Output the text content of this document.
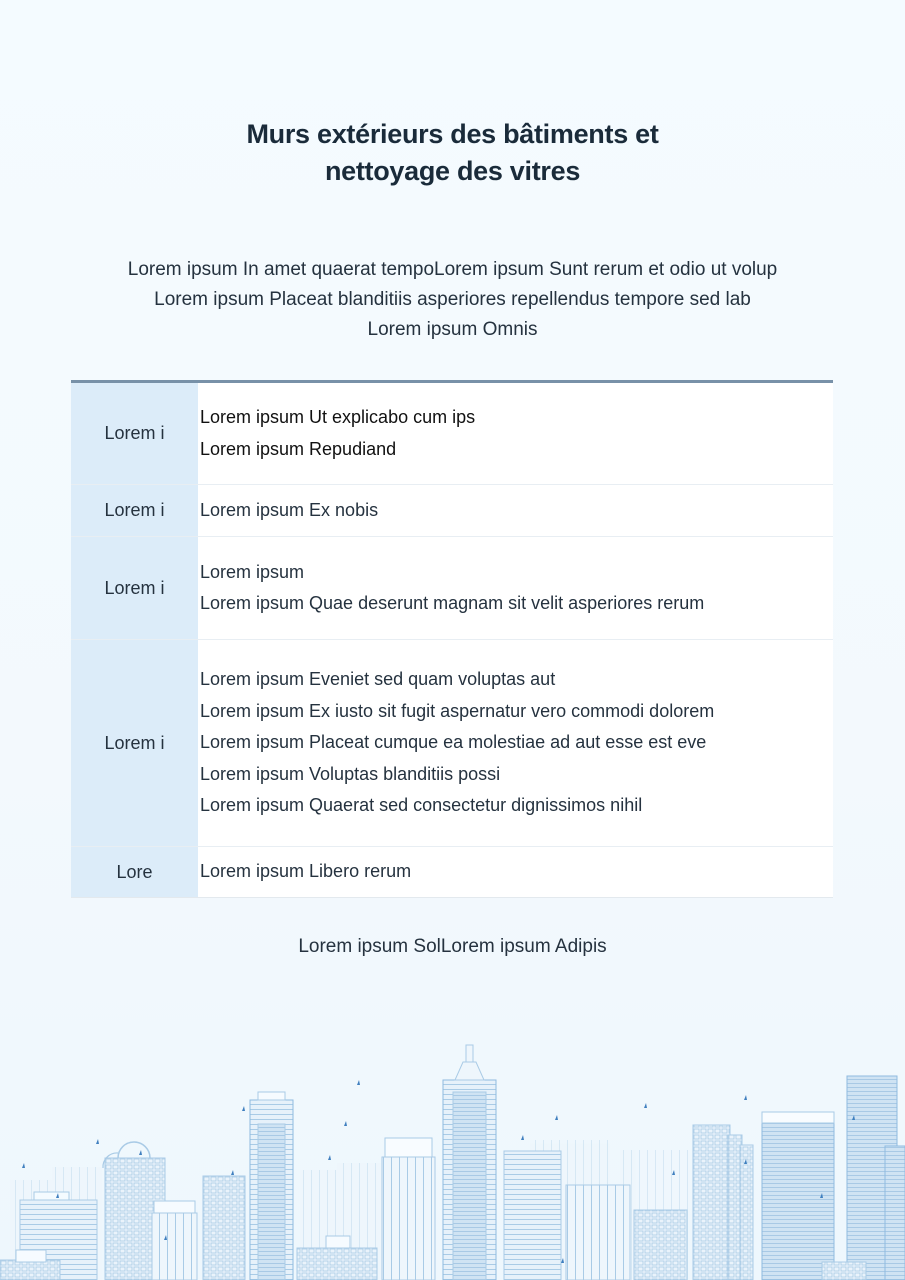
Murs extérieurs des bâtiments et
nettoyage des vitres
Lorem ipsum In amet quaerat tempoLorem ipsum Sunt rerum et odio ut volup
Lorem ipsum Placeat blanditiis asperiores repellendus tempore sed lab
Lorem ipsum Omnis
Lorem i
Lorem ipsum Ut explicabo cum ips
Lorem ipsum Repudiand
Lorem i	Lorem ipsum Ex nobis
Lorem i
Lorem ipsum
Lorem ipsum Quae deserunt magnam sit velit asperiores rerum
Lorem i
Lorem ipsum Eveniet sed quam voluptas aut
Lorem ipsum Ex iusto sit fugit aspernatur vero commodi dolorem
Lorem ipsum Placeat cumque ea molestiae ad aut esse est eve
Lorem ipsum Voluptas blanditiis possi
Lorem ipsum Quaerat sed consectetur dignissimos nihil
Lore	Lorem ipsum Libero rerum
Lorem ipsum SolLorem ipsum Adipis
